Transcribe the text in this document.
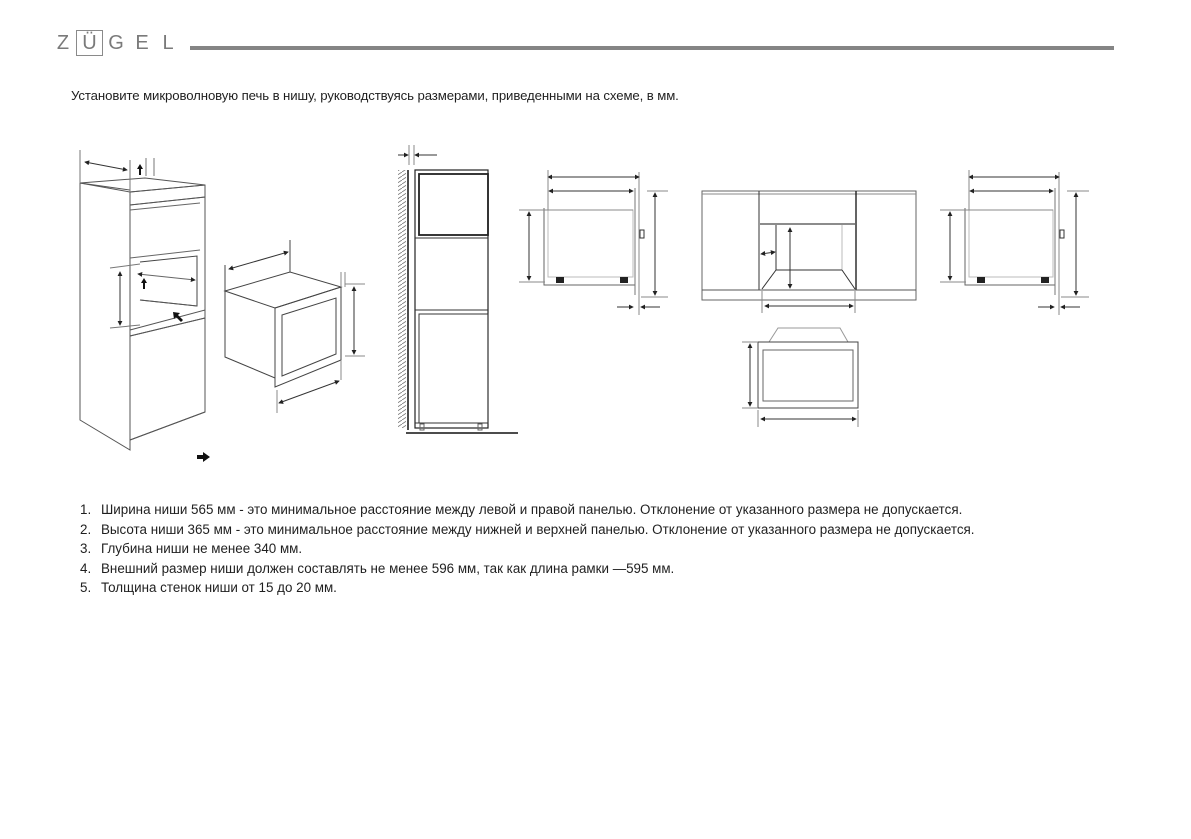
Z Ü G E L
Установите микроволновую печь в нишу, руководствуясь размерами, приведенными на схеме, в мм.
1. Ширина ниши 565 мм - это минимальное расстояние между левой и правой панелью. Отклонение от указанного размера не допускается.
2. Высота ниши 365 мм - это минимальное расстояние между нижней и верхней панелью. Отклонение от указанного размера не допускается.
3. Глубина ниши не менее 340 мм.
4. Внешний размер ниши должен составлять не менее 596 мм, так как длина рамки —595 мм.
5. Толщина стенок ниши от 15 до 20 мм.
